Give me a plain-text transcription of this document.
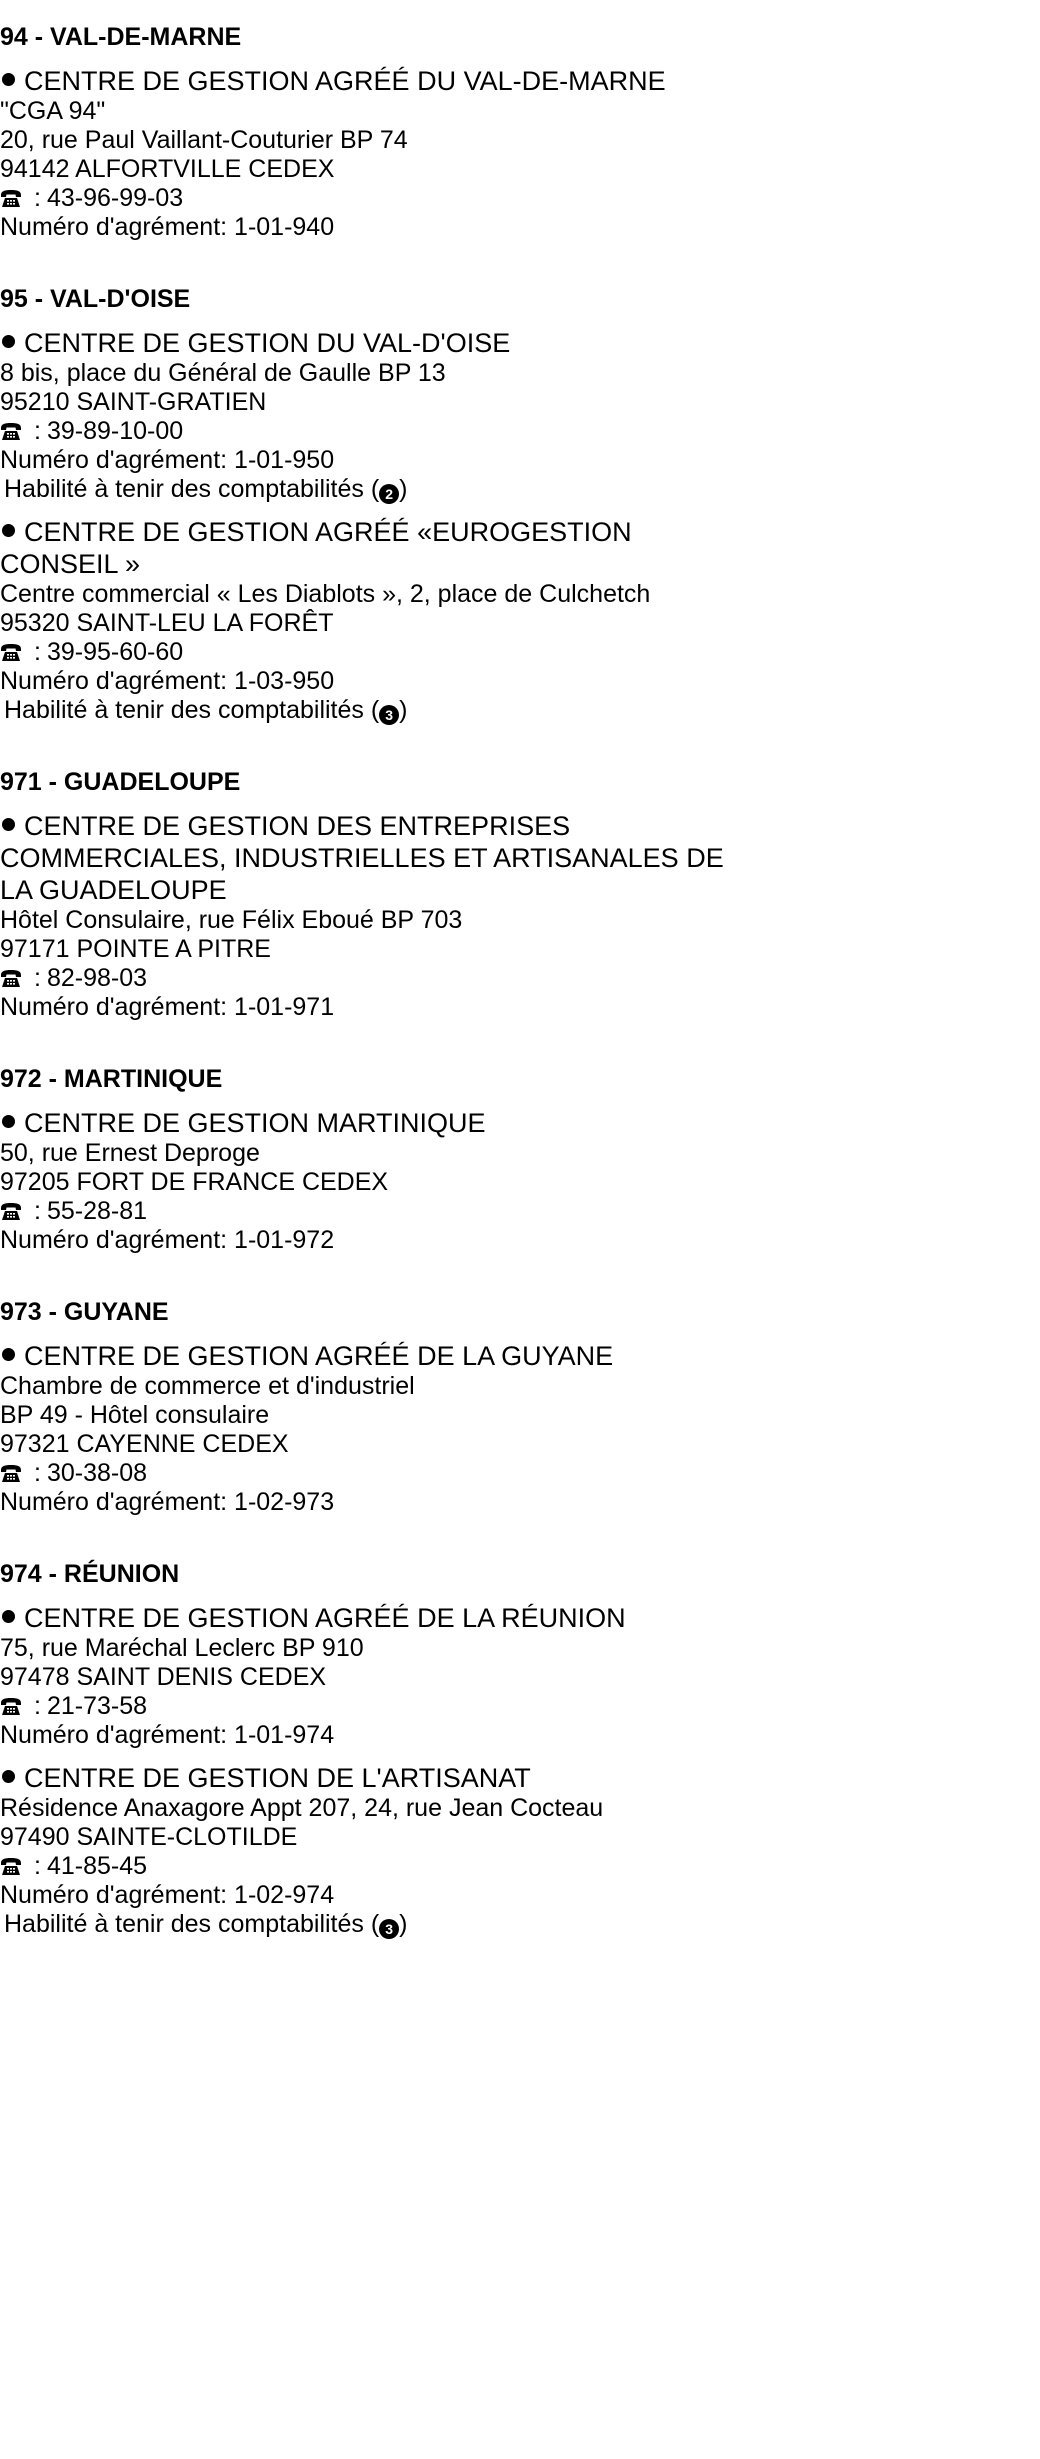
94 - VAL-DE-MARNE
CENTRE DE GESTION AGRÉÉ DU VAL-DE-MARNE
"CGA 94"
20, rue Paul Vaillant-Couturier BP 74
94142 ALFORTVILLE CEDEX
: 43-96-99-03
Numéro d'agrément: 1-01-940
95 - VAL-D'OISE
CENTRE DE GESTION DU VAL-D'OISE
8 bis, place du Général de Gaulle BP 13
95210 SAINT-GRATIEN
: 39-89-10-00
Numéro d'agrément: 1-01-950
Habilité à tenir des comptabilités ( 2 )
CENTRE DE GESTION AGRÉÉ «EUROGESTION
CONSEIL »
Centre commercial « Les Diablots », 2, place de Culchetch
95320 SAINT-LEU LA FORÊT
: 39-95-60-60
Numéro d'agrément: 1-03-950
Habilité à tenir des comptabilités ( 3 )
971 - GUADELOUPE
CENTRE DE GESTION DES ENTREPRISES
COMMERCIALES, INDUSTRIELLES ET ARTISANALES DE
LA GUADELOUPE
Hôtel Consulaire, rue Félix Eboué BP 703
97171 POINTE A PITRE
: 82-98-03
Numéro d'agrément: 1-01-971
972 - MARTINIQUE
CENTRE DE GESTION MARTINIQUE
50, rue Ernest Deproge
97205 FORT DE FRANCE CEDEX
: 55-28-81
Numéro d'agrément: 1-01-972
973 - GUYANE
CENTRE DE GESTION AGRÉÉ DE LA GUYANE
Chambre de commerce et d'industriel
BP 49 - Hôtel consulaire
97321 CAYENNE CEDEX
: 30-38-08
Numéro d'agrément: 1-02-973
974 - RÉUNION
CENTRE DE GESTION AGRÉÉ DE LA RÉUNION
75, rue Maréchal Leclerc BP 910
97478 SAINT DENIS CEDEX
: 21-73-58
Numéro d'agrément: 1-01-974
CENTRE DE GESTION DE L'ARTISANAT
Résidence Anaxagore Appt 207, 24, rue Jean Cocteau
97490 SAINTE-CLOTILDE
: 41-85-45
Numéro d'agrément: 1-02-974
Habilité à tenir des comptabilités ( 3 )
